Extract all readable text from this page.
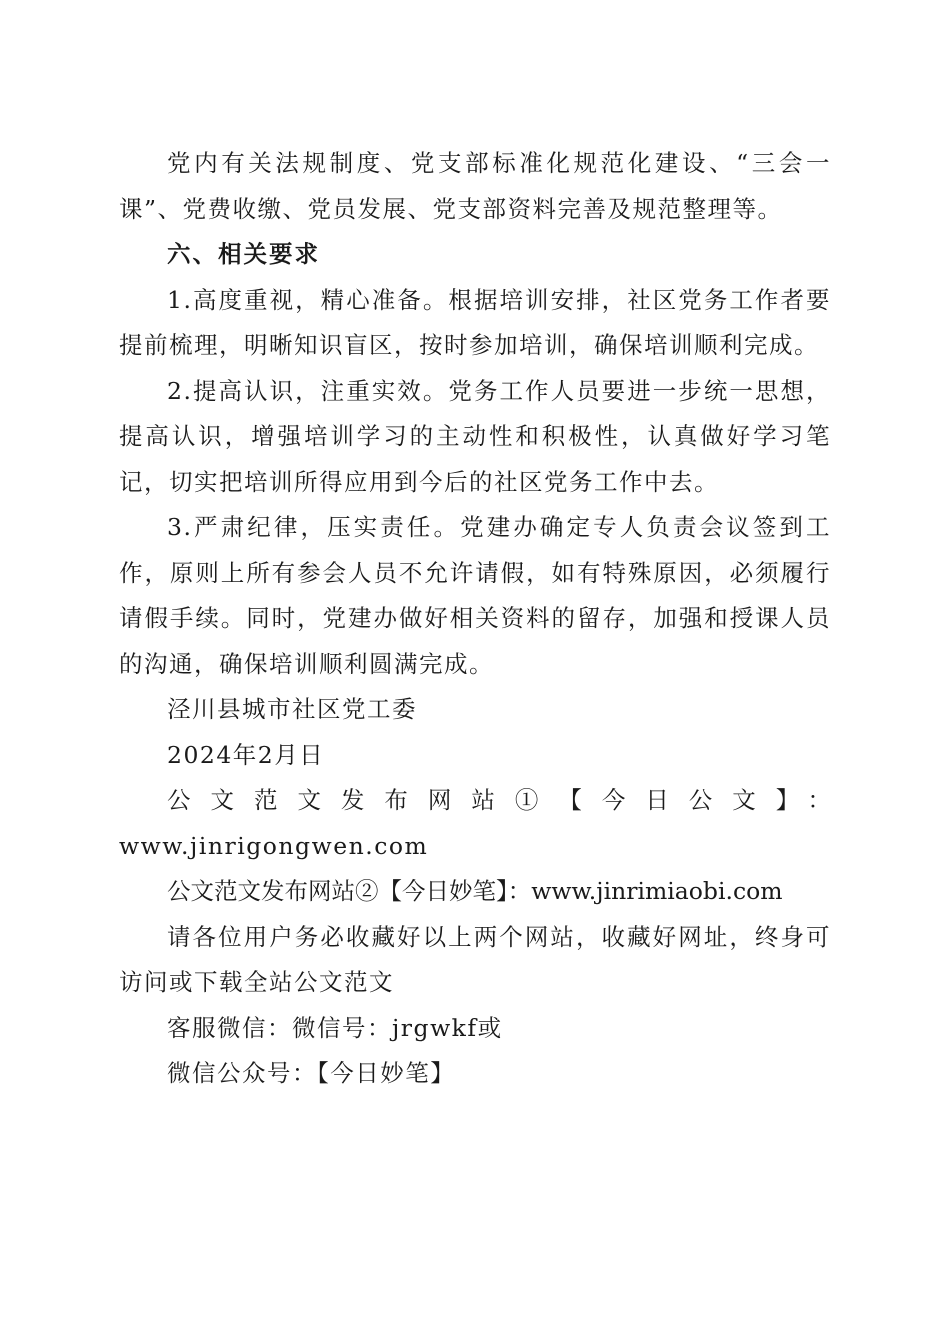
党内有关法规制度、党支部标准化规范化建设、“三会一课”、党费收缴、党员发展、党支部资料完善及规范整理等。

六、相关要求

1.高度重视，精心准备。根据培训安排，社区党务工作者要提前梳理，明晰知识盲区，按时参加培训，确保培训顺利完成。

2.提高认识，注重实效。党务工作人员要进一步统一思想，提高认识，增强培训学习的主动性和积极性，认真做好学习笔记，切实把培训所得应用到今后的社区党务工作中去。

3.严肃纪律，压实责任。党建办确定专人负责会议签到工作，原则上所有参会人员不允许请假，如有特殊原因，必须履行请假手续。同时，党建办做好相关资料的留存，加强和授课人员的沟通，确保培训顺利圆满完成。

泾川县城市社区党工委

2024年2月日

公文范文发布网站①【今日公文】：

www.jinrigongwen.com

公文范文发布网站②【今日妙笔】：www.jinrimiaobi.com

请各位用户务必收藏好以上两个网站，收藏好网址，终身可访问或下载全站公文范文

客服微信：微信号：jrgwkf或

微信公众号：【今日妙笔】
